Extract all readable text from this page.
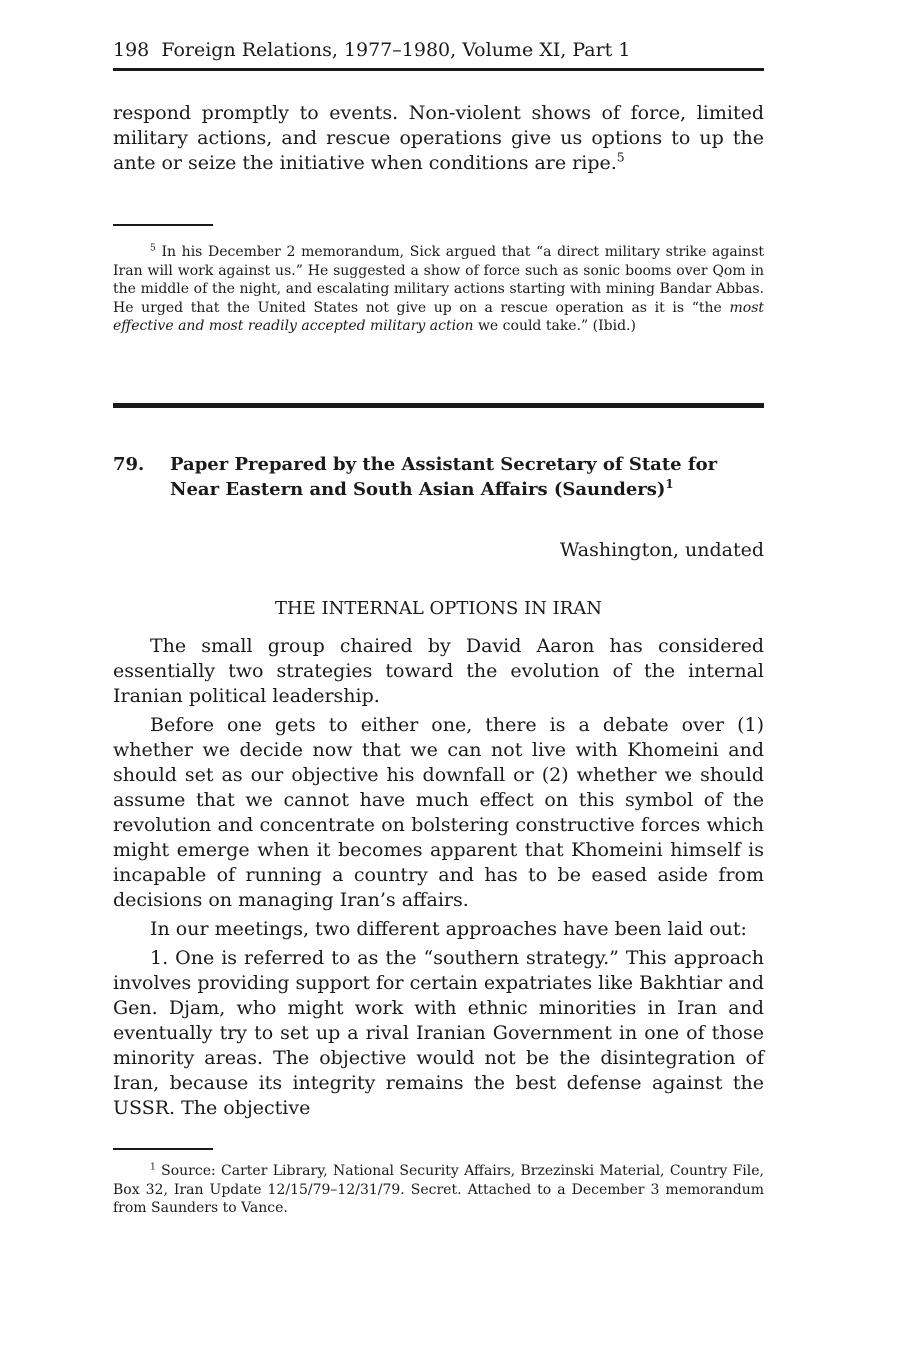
198 Foreign Relations, 1977–1980, Volume XI, Part 1

respond promptly to events. Non-violent shows of force, limited military actions, and rescue operations give us options to up the ante or seize the initiative when conditions are ripe.$^5$

$^5$ In his December 2 memorandum, Sick argued that “a direct military strike against Iran will work against us.” He suggested a show of force such as sonic booms over Qom in the middle of the night, and escalating military actions starting with mining Bandar Abbas. He urged that the United States not give up on a rescue operation as it is “the most effective and most readily accepted military action we could take.” (Ibid.)

79. Paper Prepared by the Assistant Secretary of State for Near Eastern and South Asian Affairs (Saunders)$^1$
Washington, undated
THE INTERNAL OPTIONS IN IRAN

The small group chaired by David Aaron has considered essentially two strategies toward the evolution of the internal Iranian political leadership.

Before one gets to either one, there is a debate over (1) whether we decide now that we can not live with Khomeini and should set as our objective his downfall or (2) whether we should assume that we cannot have much effect on this symbol of the revolution and concentrate on bolstering constructive forces which might emerge when it becomes apparent that Khomeini himself is incapable of running a country and has to be eased aside from decisions on managing Iran’s affairs.

In our meetings, two different approaches have been laid out:

1. One is referred to as the “southern strategy.” This approach involves providing support for certain expatriates like Bakhtiar and Gen. Djam, who might work with ethnic minorities in Iran and eventually try to set up a rival Iranian Government in one of those minority areas. The objective would not be the disintegration of Iran, because its integrity remains the best defense against the USSR. The objective

$^1$ Source: Carter Library, National Security Affairs, Brzezinski Material, Country File, Box 32, Iran Update 12/15/79–12/31/79. Secret. Attached to a December 3 memorandum from Saunders to Vance.
